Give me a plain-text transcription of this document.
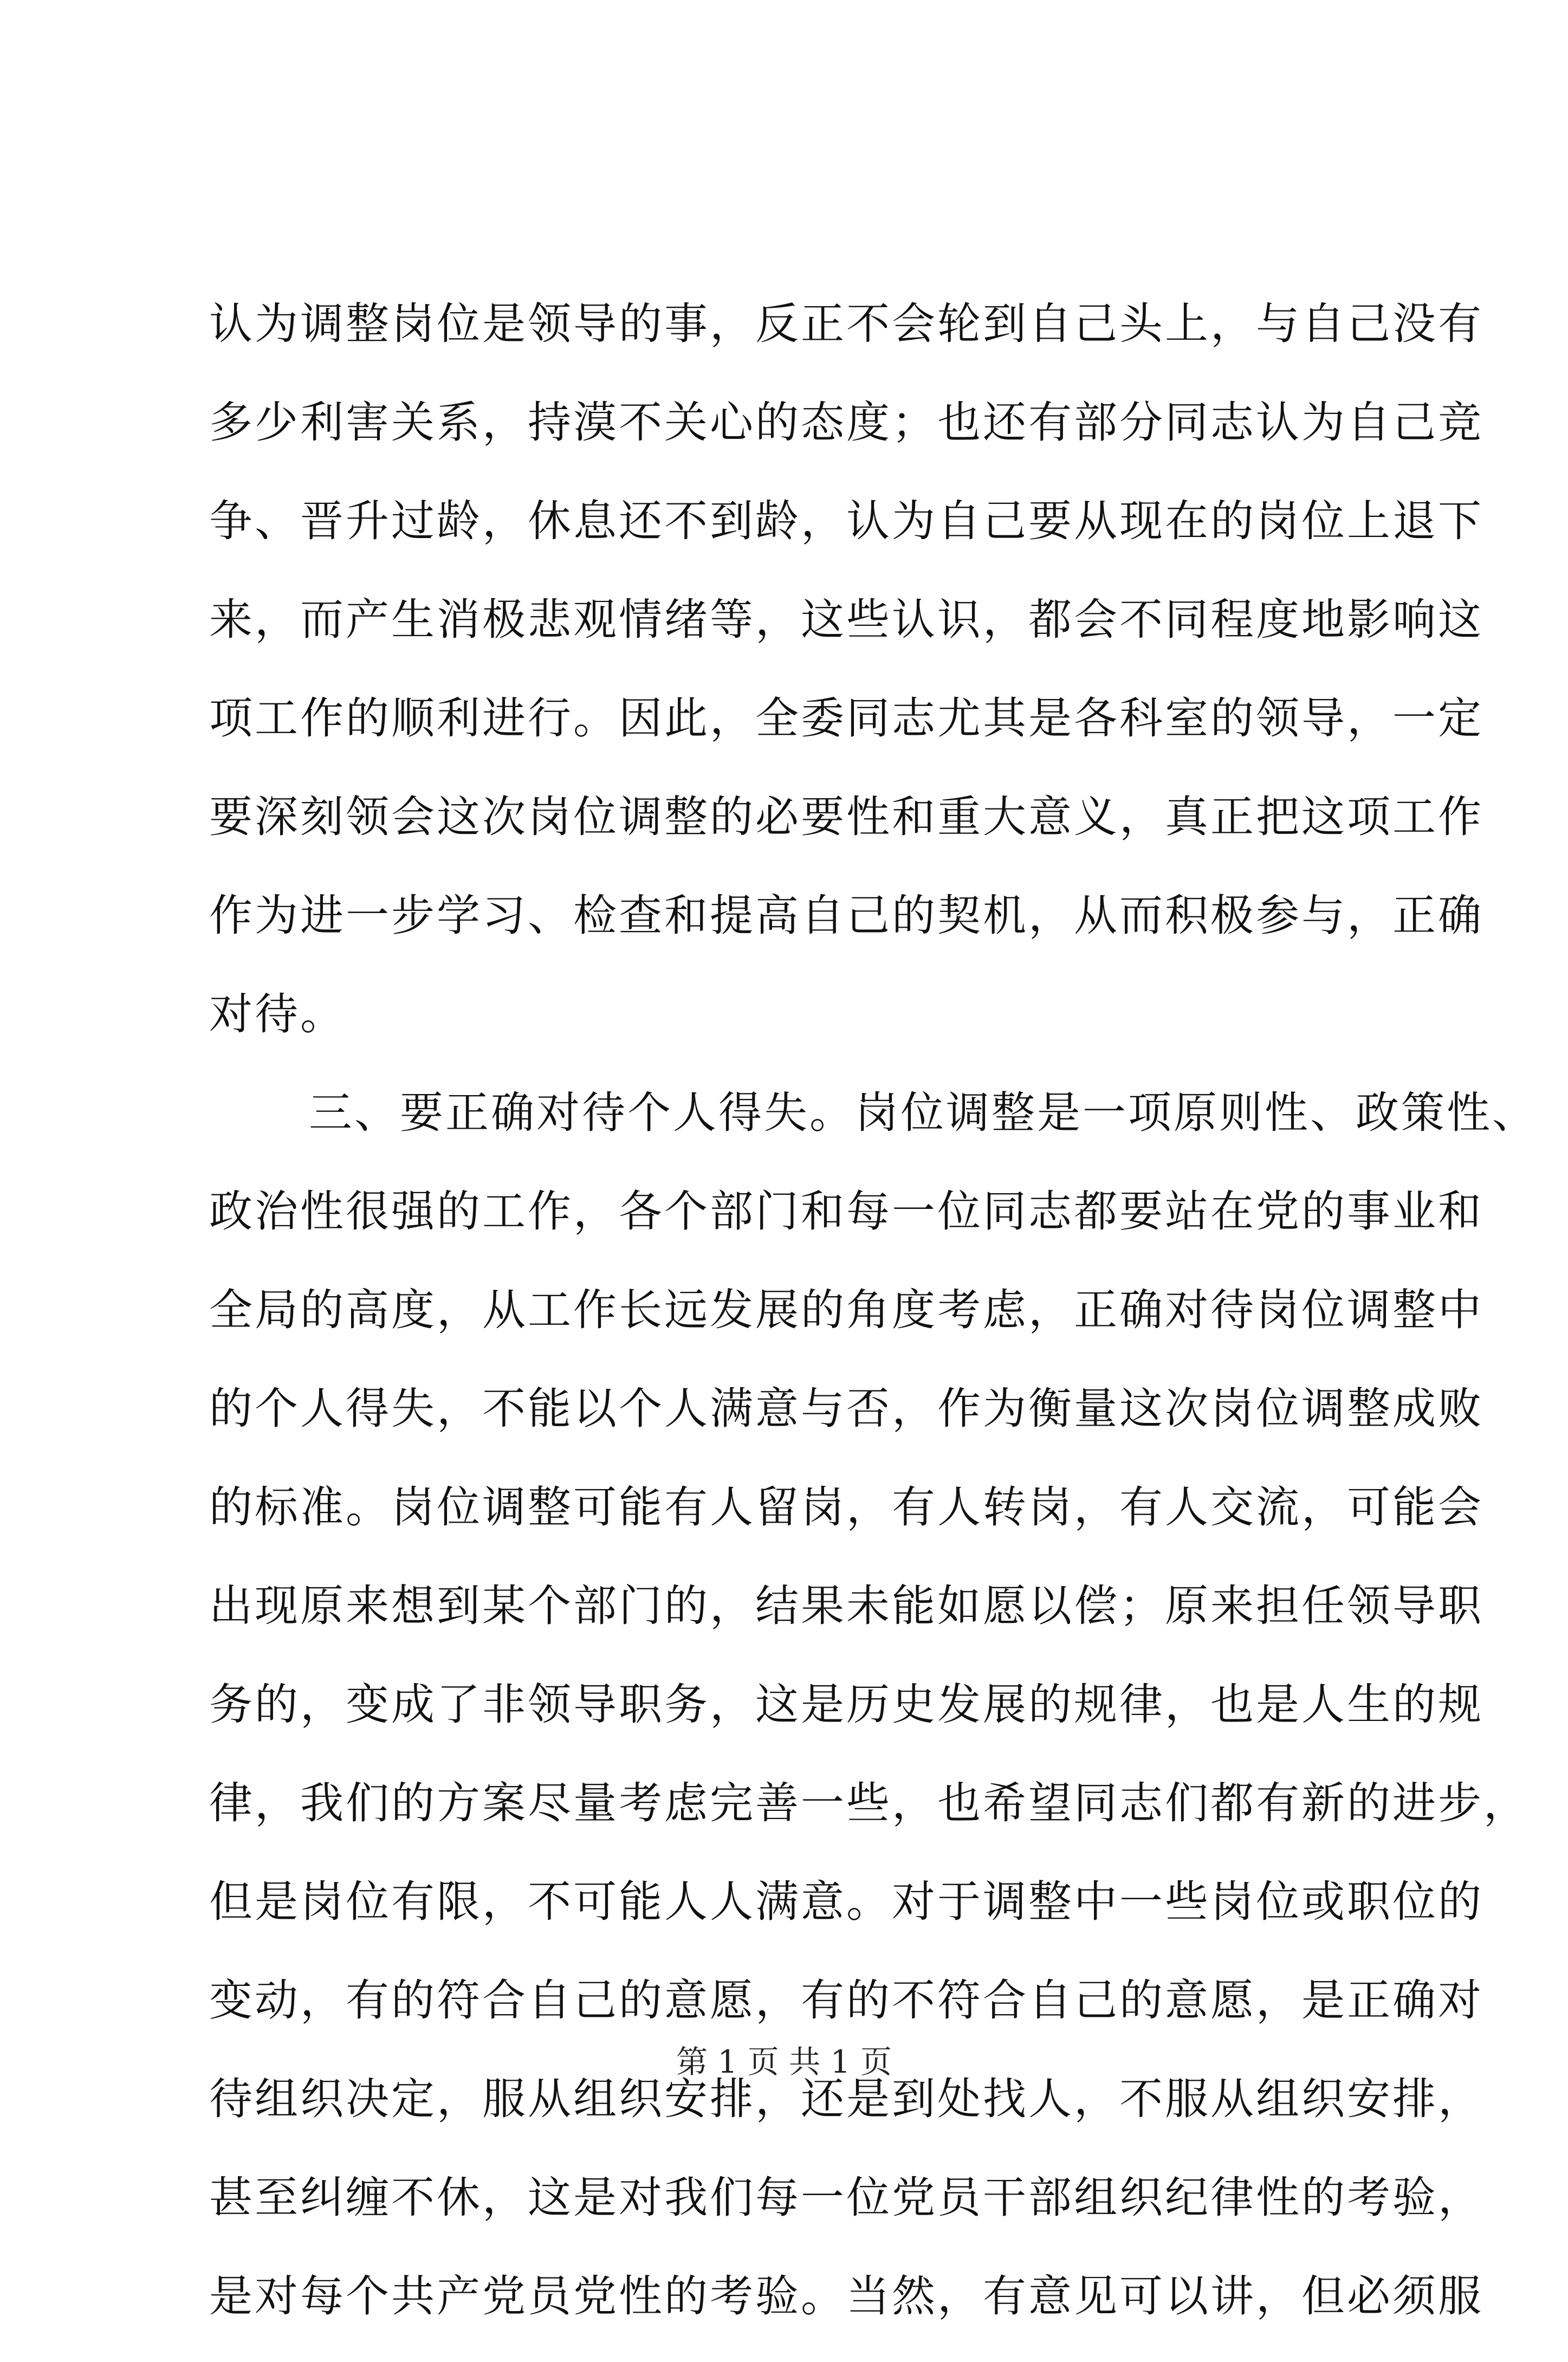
认为调整岗位是领导的事，反正不会轮到自己头上，与自己没有
多少利害关系，持漠不关心的态度；也还有部分同志认为自己竞
争、晋升过龄，休息还不到龄，认为自己要从现在的岗位上退下
来，而产生消极悲观情绪等，这些认识，都会不同程度地影响这
项工作的顺利进行。因此，全委同志尤其是各科室的领导，一定
要深刻领会这次岗位调整的必要性和重大意义，真正把这项工作
作为进一步学习、检查和提高自己的契机，从而积极参与，正确
对待。
三、要正确对待个人得失。岗位调整是一项原则性、政策性、
政治性很强的工作，各个部门和每一位同志都要站在党的事业和
全局的高度，从工作长远发展的角度考虑，正确对待岗位调整中
的个人得失，不能以个人满意与否，作为衡量这次岗位调整成败
的标准。岗位调整可能有人留岗，有人转岗，有人交流，可能会
出现原来想到某个部门的，结果未能如愿以偿；原来担任领导职
务的，变成了非领导职务，这是历史发展的规律，也是人生的规
律，我们的方案尽量考虑完善一些，也希望同志们都有新的进步，
但是岗位有限，不可能人人满意。对于调整中一些岗位或职位的
变动，有的符合自己的意愿，有的不符合自己的意愿，是正确对
待组织决定，服从组织安排，还是到处找人，不服从组织安排，
甚至纠缠不休，这是对我们每一位党员干部组织纪律性的考验，
是对每个共产党员党性的考验。当然，有意见可以讲，但必须服
第 1 页 共 1 页
